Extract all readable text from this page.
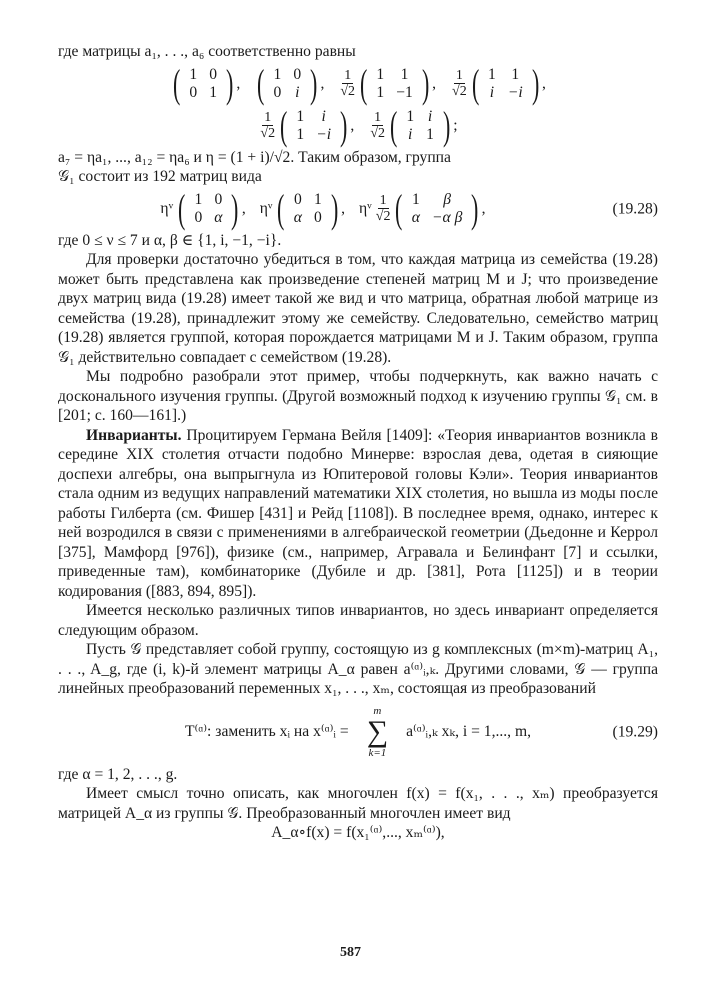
где матрицы a₁, . . ., a₆ соответственно равны

( 1	0
0	1 ) , ( 1	0
0	i ) , $\frac{1}{√2}$ ( 1	1
1	−1 ) , $\frac{1}{√2}$ ( 1	1
i	−i ) ,
$\frac{1}{√2}$ ( 1	i
1	−i ) , $\frac{1}{√2}$ ( 1	i
i	1 ) ;

a₇ = ηa₁, ..., a₁₂ = ηa₆ и η = (1 + i)/√2. Таким образом, группа

𝒢₁ состоит из 192 матриц вида

ηᵛ ( 1	0
0	α ) , ηᵛ ( 0	1
α	0 ) , ηᵛ $\frac{1}{√2}$ ( 1	β
α	−α β ) ,	(19.28)

где 0 ≤ ν ≤ 7 и α, β ∈ {1, i, −1, −i}.

Для проверки достаточно убедиться в том, что каждая матрица из семейства (19.28) может быть представлена как произведение степеней матриц M и J; что произведение двух матриц вида (19.28) имеет такой же вид и что матрица, обратная любой матрице из семейства (19.28), принадлежит этому же семейству. Следовательно, семейство матриц (19.28) является группой, которая порождается матрицами M и J. Таким образом, группа 𝒢₁ действительно совпадает с семейством (19.28).

Мы подробно разобрали этот пример, чтобы подчеркнуть, как важно начать с досконального изучения группы. (Другой возможный подход к изучению группы 𝒢₁ см. в [201; с. 160—161].)

Инварианты. Процитируем Германа Вейля [1409]: «Теория инвариантов возникла в середине XIX столетия отчасти подобно Минерве: взрослая дева, одетая в сияющие доспехи алгебры, она выпрыгнула из Юпитеровой головы Кэли». Теория инвариантов стала одним из ведущих направлений математики XIX столетия, но вышла из моды после работы Гилберта (см. Фишер [431] и Рейд [1108]). В последнее время, однако, интерес к ней возродился в связи с применениями в алгебраической геометрии (Дьедонне и Керрол [375], Мамфорд [976]), физике (см., например, Агравала и Белинфант [7] и ссылки, приведенные там), комбинаторике (Дубиле и др. [381], Рота [1125]) и в теории кодирования ([883, 894, 895]).

Имеется несколько различных типов инвариантов, но здесь инвариант определяется следующим образом.

Пусть 𝒢 представляет собой группу, состоящую из g комплексных (m×m)-матриц A₁, . . ., A_g, где (i, k)-й элемент матрицы A_α равен a⁽ᵅ⁾ᵢ,ₖ. Другими словами, 𝒢 — группа линейных преобразований переменных x₁, . . ., xₘ, состоящая из преобразований

T⁽ᵅ⁾: заменить xᵢ на x⁽ᵅ⁾ᵢ =
m
∑
k=1
a⁽ᵅ⁾ᵢ,ₖ xₖ, i = 1,..., m,	(19.29)

где α = 1, 2, . . ., g.

Имеет смысл точно описать, как многочлен f(x) = f(x₁, . . ., xₘ) преобразуется матрицей A_α из группы 𝒢. Преобразованный многочлен имеет вид

A_α∘f(x) = f(x₁⁽ᵅ⁾,..., xₘ⁽ᵅ⁾),

587
